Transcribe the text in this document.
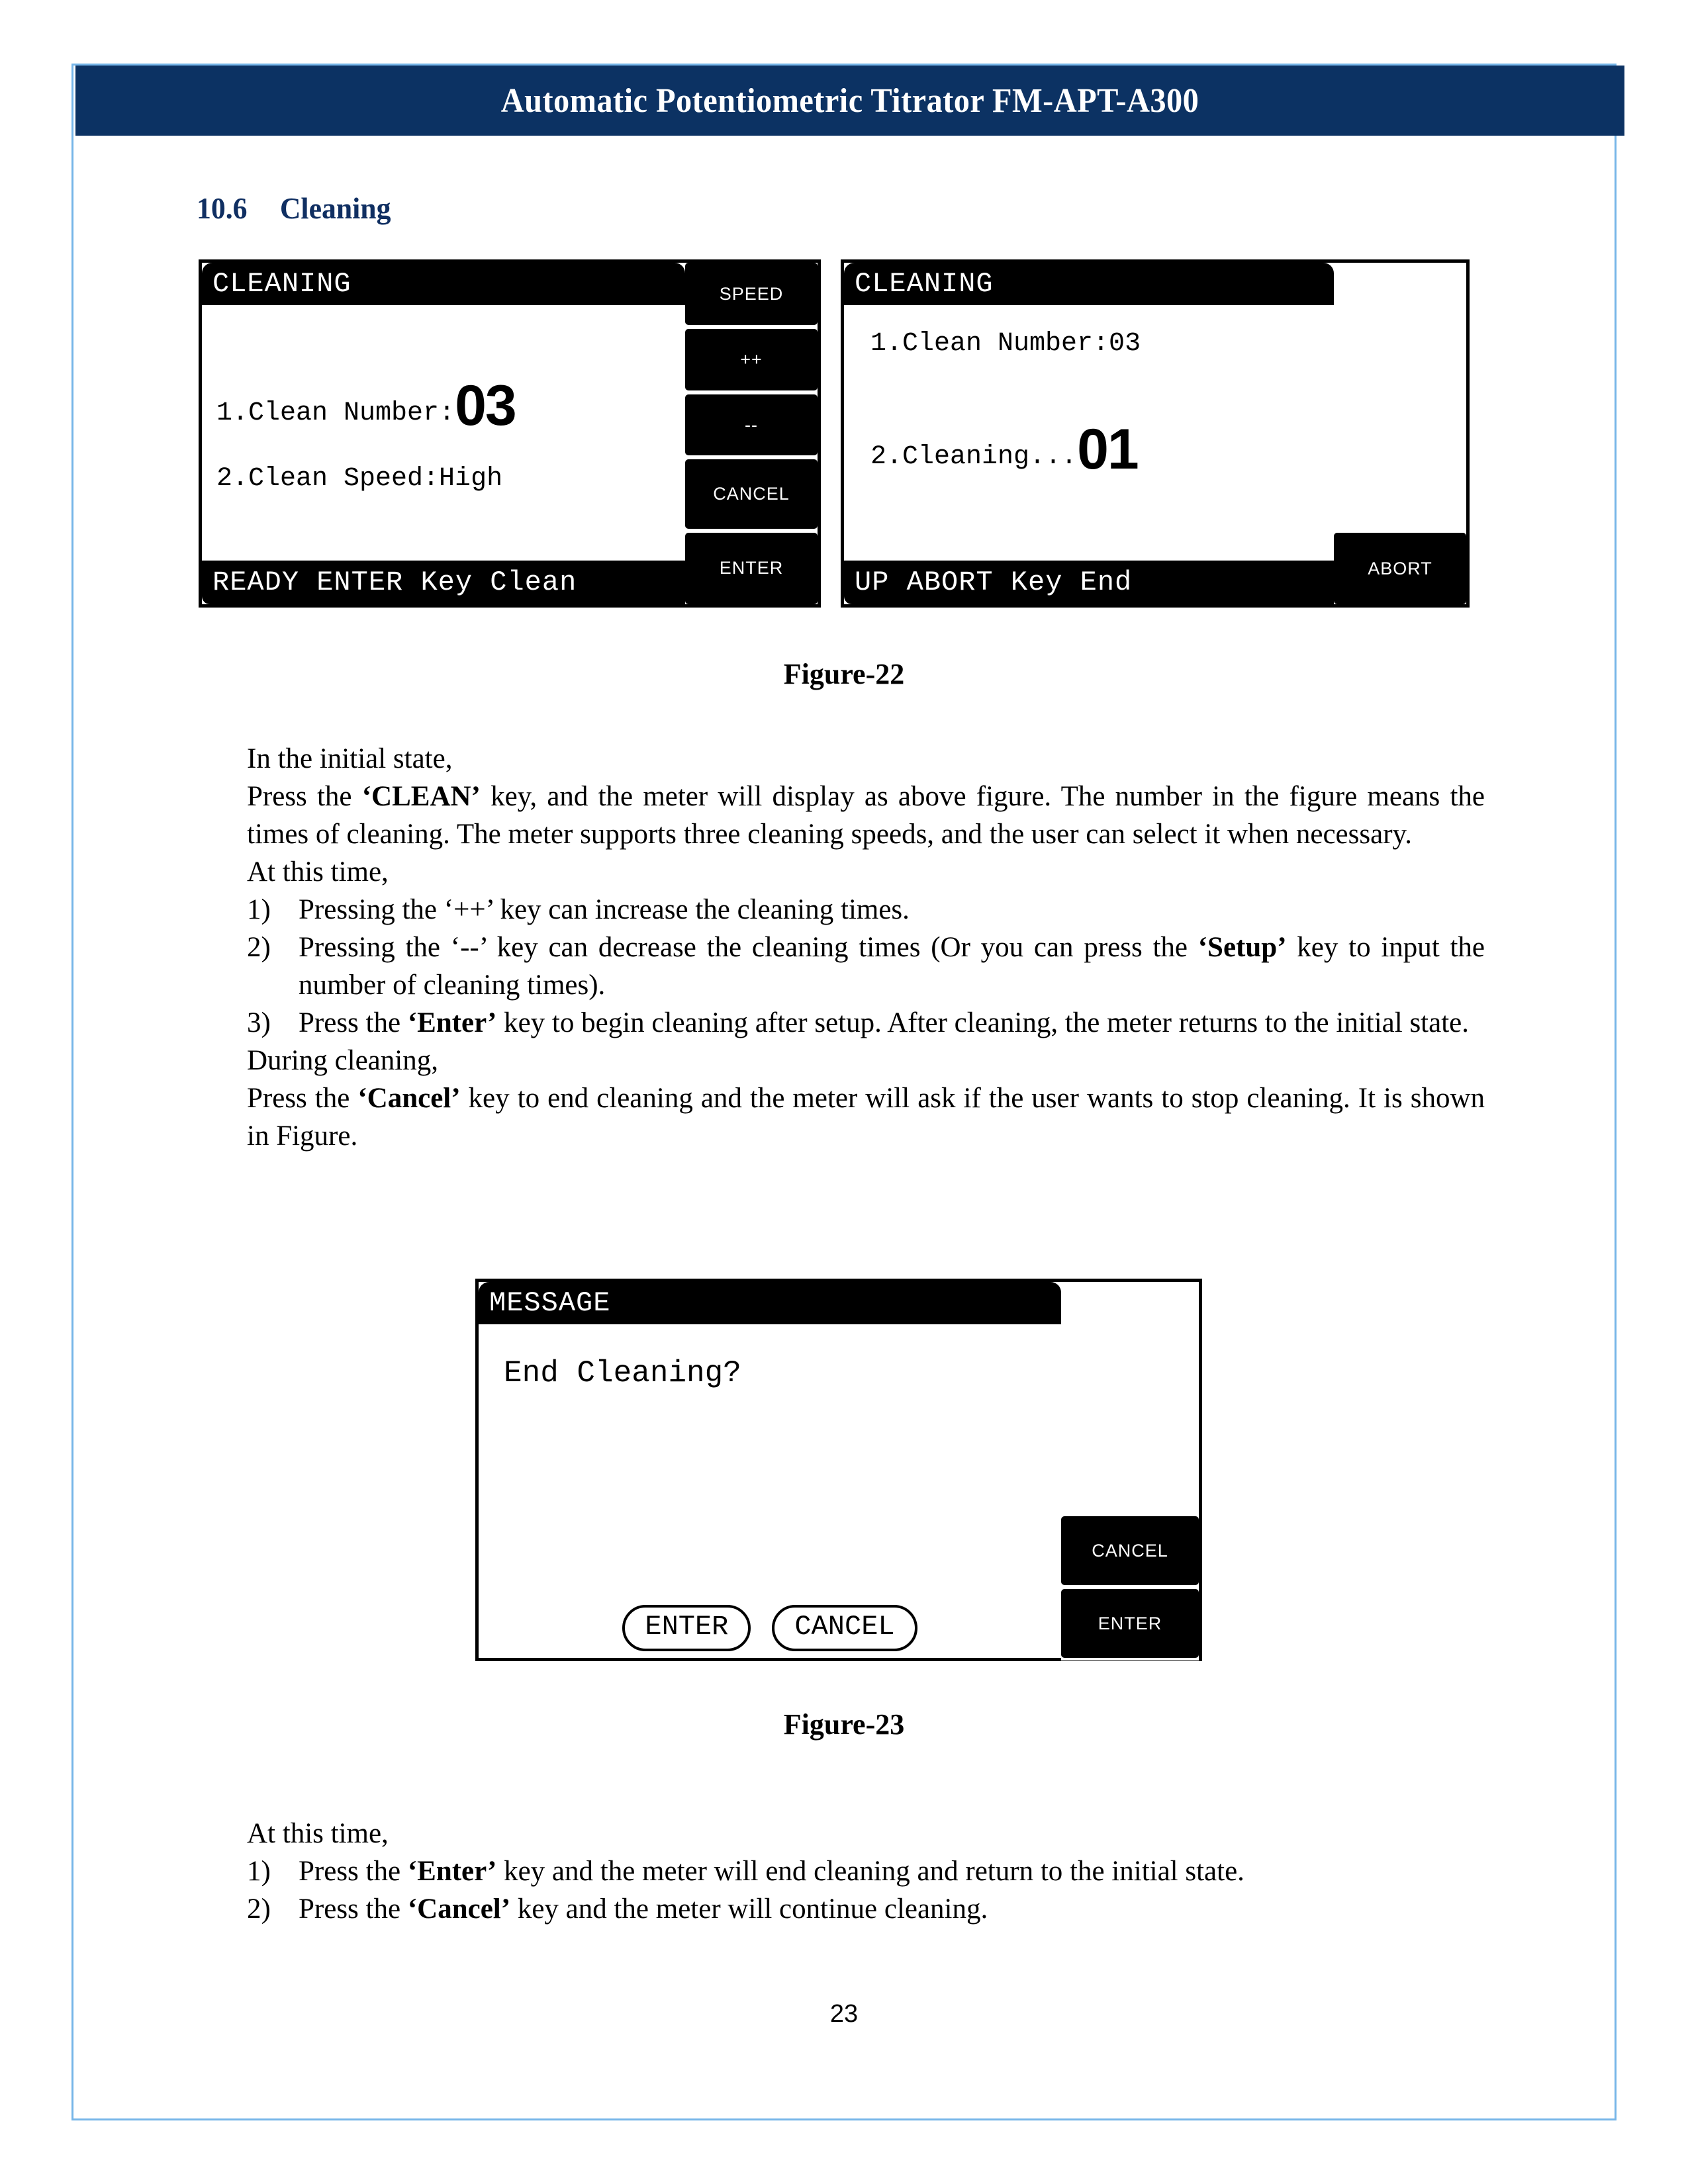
Automatic Potentiometric Titrator FM-APT-A300
10.6 Cleaning
CLEANING
1.Clean Number: 03
2.Clean Speed:High
READY ENTER Key Clean
SPEED
++
--
CANCEL
ENTER
CLEANING
1.Clean Number:03
2.Cleaning... 01
UP ABORT Key End	ABORT
Figure-22

In the initial state,

Press the ‘CLEAN’ key, and the meter will display as above figure. The number in the figure means the times of cleaning. The meter supports three cleaning speeds, and the user can select it when necessary.

At this time,

1) Pressing the ‘++’ key can increase the cleaning times.
2) Pressing the ‘--’ key can decrease the cleaning times (Or you can press the ‘Setup’ key to input the number of cleaning times).
3) Press the ‘Enter’ key to begin cleaning after setup. After cleaning, the meter returns to the initial state.

During cleaning,

Press the ‘Cancel’ key to end cleaning and the meter will ask if the user wants to stop cleaning. It is shown in Figure.

MESSAGE
End Cleaning?
ENTER	CANCEL
CANCEL
ENTER
Figure-23

At this time,

1) Press the ‘Enter’ key and the meter will end cleaning and return to the initial state.
2) Press the ‘Cancel’ key and the meter will continue cleaning.
23
